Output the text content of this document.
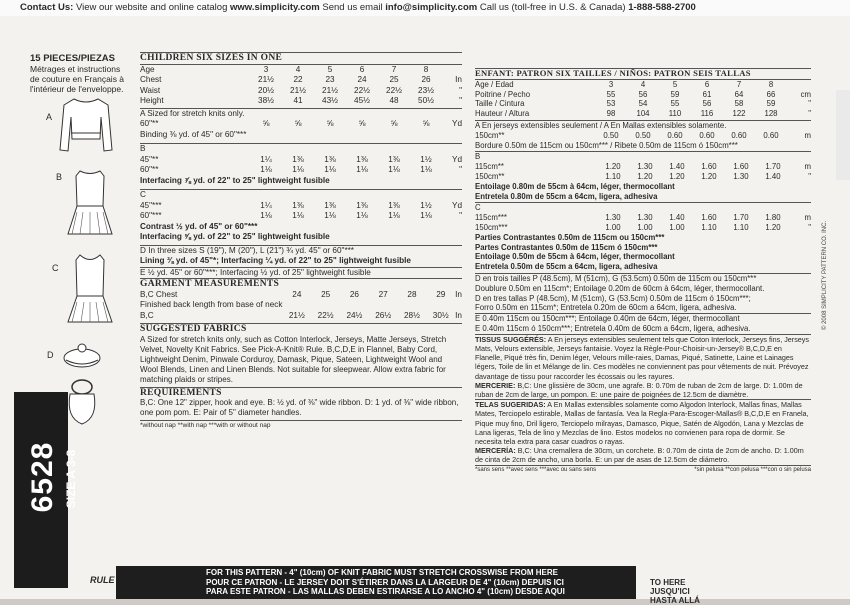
Contact Us: View our website and online catalog www.simplicity.com Send us email info@simplicity.com Call us (toll-free in U.S. & Canada) 1-888-588-2700
15 PIECES/PIEZAS
Métrages et instructions
de couture en Français à
l'intérieur de l'enveloppe.
A
B
C
D
6528 SIZE A 3-8
CHILDREN SIX SIZES IN ONE
Age	3	4	5	6	7	8	
Chest	21½	22	23	24	25	26	In
Waist	20½	21½	21½	22½	22½	23½	"
Height	38½	41	43½	45½	48	50½	"
A Sized for stretch knits only.
60"**	⅝	⅝	⅝	⅝	⅝	⅝	Yd
Binding ⅜ yd. of 45" or 60"***
B
45"**	1¼	1⅜	1⅜	1⅜	1⅜	1½	Yd
60"**	1⅛	1⅛	1⅛	1⅛	1⅛	1⅛	"
Interfacing ⅞ yd. of 22" to 25" lightweight fusible
C
45"***	1¼	1⅜	1⅜	1⅜	1⅜	1½	Yd
60"***	1⅛	1⅛	1⅛	1⅛	1⅛	1⅛	"
Contrast ½ yd. of 45" or 60"***
Interfacing ⅝ yd. of 22" to 25" lightweight fusible
D In three sizes S (19"), M (20"), L (21") ¾ yd. 45" or 60"***
Lining ⅜ yd. of 45"*; Interfacing ¼ yd. of 22" to 25" lightweight fusible
E ½ yd. 45" or 60"***; Interfacing ½ yd. of 25" lightweight fusible
GARMENT MEASUREMENTS
B,C Chest	24	25	26	27	28	29	In
Finished back length from base of neck							
B,C	21½	22½	24½	26½	28½	30½	In
SUGGESTED FABRICS
A Sized for stretch knits only, such as Cotton Interlock, Jerseys, Matte Jerseys, Stretch Velvet, Novelty Knit Fabrics. See Pick-A-Knit® Rule. B,C,D,E in Flannel, Baby Cord, Lightweight Denim, Pinwale Corduroy, Damask, Pique, Sateen, Lightweight Wool and Wool Blends, Linen and Linen Blends. Not suitable for sleepwear. Allow extra fabric for matching plaids or stripes.
REQUIREMENTS
B,C: One 12" zipper, hook and eye. B: ½ yd. of ⅜" wide ribbon. D: 1 yd. of ⅜" wide ribbon, one pom pom. E: Pair of 5" diameter handles.
*without nap **with nap ***with or without nap
ENFANT: PATRON SIX TAILLES / NIÑOS: PATRON SEIS TALLAS
Age / Edad	3	4	5	6	7	8	
Poitrine / Pecho	55	56	59	61	64	66	cm
Taille / Cintura	53	54	55	56	58	59	"
Hauteur / Altura	98	104	110	116	122	128	"
A En jerseys extensibles seulement / A En Mallas extensibles solamente.
150cm**	0.50	0.50	0.60	0.60	0.60	0.60	m
Bordure 0.50m de 115cm ou 150cm*** / Ribete 0.50m de 115cm ó 150cm***
B
115cm**		1.20	1.30	1.40	1.60	1.60	1.70	m
150cm**		1.10	1.20	1.20	1.20	1.30	1.40	"
Entoilage 0.80m de 55cm à 64cm, léger, thermocollant
Entretela 0.80m de 55cm a 64cm, ligera, adhesiva
C
115cm***		1.30	1.30	1.40	1.60	1.70	1.80	m
150cm***		1.00	1.00	1.00	1.10	1.10	1.20	"
Parties Contrastantes 0.50m de 115cm ou 150cm***
Partes Contrastantes 0.50m de 115cm ó 150cm***
Entoilage 0.50m de 55cm à 64cm, léger, thermocollant
Entretela 0.50m de 55cm a 64cm, ligera, adhesiva
D en trois tailles P (48.5cm), M (51cm), G (53.5cm) 0.50m de 115cm ou 150cm***
Doublure 0.50m en 115cm*; Entoilage 0.20m de 60cm à 64cm, léger, thermocollant.
D en tres tallas P (48.5cm), M (51cm), G (53.5cm) 0.50m de 115cm ó 150cm***;
Forro 0.50m en 115cm*; Entretela 0.20m de 60cm a 64cm, ligera, adhesiva.
E 0.40m 115cm ou 150cm***; Entoilage 0.40m de 64cm, léger, thermocollant
E 0.40m 115cm ó 150cm***; Entretela 0.40m de 60cm a 64cm, ligera, adhesiva.
TISSUS SUGGÉRÉS: A En jerseys extensibles seulement tels que Coton Interlock, Jerseys fins, Jerseys Mats, Velours extensible, Jerseys fantaisie. Voyez la Règle-Pour-Choisir-un-Jersey® B,C,D,E en Flanelle, Piqué très fin, Denim léger, Velours mille-raies, Damas, Piqué, Satinette, Laine et Lainages légers, Toile de lin et Mélange de lin. Ces modèles ne conviennent pas pour vêtements de nuit. Prévoyez davantage de tissu pour raccorder les écossais ou les rayures.
MERCERIE: B,C: Une glissière de 30cm, une agrafe. B: 0.70m de ruban de 2cm de large. D: 1.00m de ruban de 2cm de large, un pompon. E: une paire de poignées de 12.5cm de diamètre.
TELAS SUGERIDAS: A En Mallas extensibles solamente como Algodon Interlock, Mallas finas, Mallas Mates, Terciopelo estirable, Mallas de fantasía. Vea la Regla-Para-Escoger-Mallas® B,C,D,E en Franela, Pique muy fino, Dril ligero, Terciopelo milrayas, Damasco, Pique, Satén de Algodón, Lana y Mezclas de Lana ligeras, Tela de lino y Mezclas de lino. Estos modelos no convienen para ropa de dormir. Se necesita tela extra para casar cuadros o rayas.
MERCERÍA: B,C: Una cremallera de 30cm, un corchete. B: 0.70m de cinta de 2cm de ancho. D: 1.00m de cinta de 2cm de ancho, una borla. E: un par de asas de 12.5cm de diámetro.
*sans sens **avec sens ***avec ou sans sens	*sin pelusa **con pelusa ***con o sin pelusa
© 2008 SIMPLICITY PATTERN CO. INC.
RULE
FOR THIS PATTERN - 4" (10cm) OF KNIT FABRIC MUST STRETCH CROSSWISE FROM HERE
POUR CE PATRON - LE JERSEY DOIT S'ÉTIRER DANS LA LARGEUR DE 4" (10cm) DEPUIS ICI
PARA ESTE PATRON - LAS MALLAS DEBEN ESTIRARSE A LO ANCHO 4" (10cm) DESDE AQUI
TO HERE
JUSQU'ICI
HASTA ALLÁ
